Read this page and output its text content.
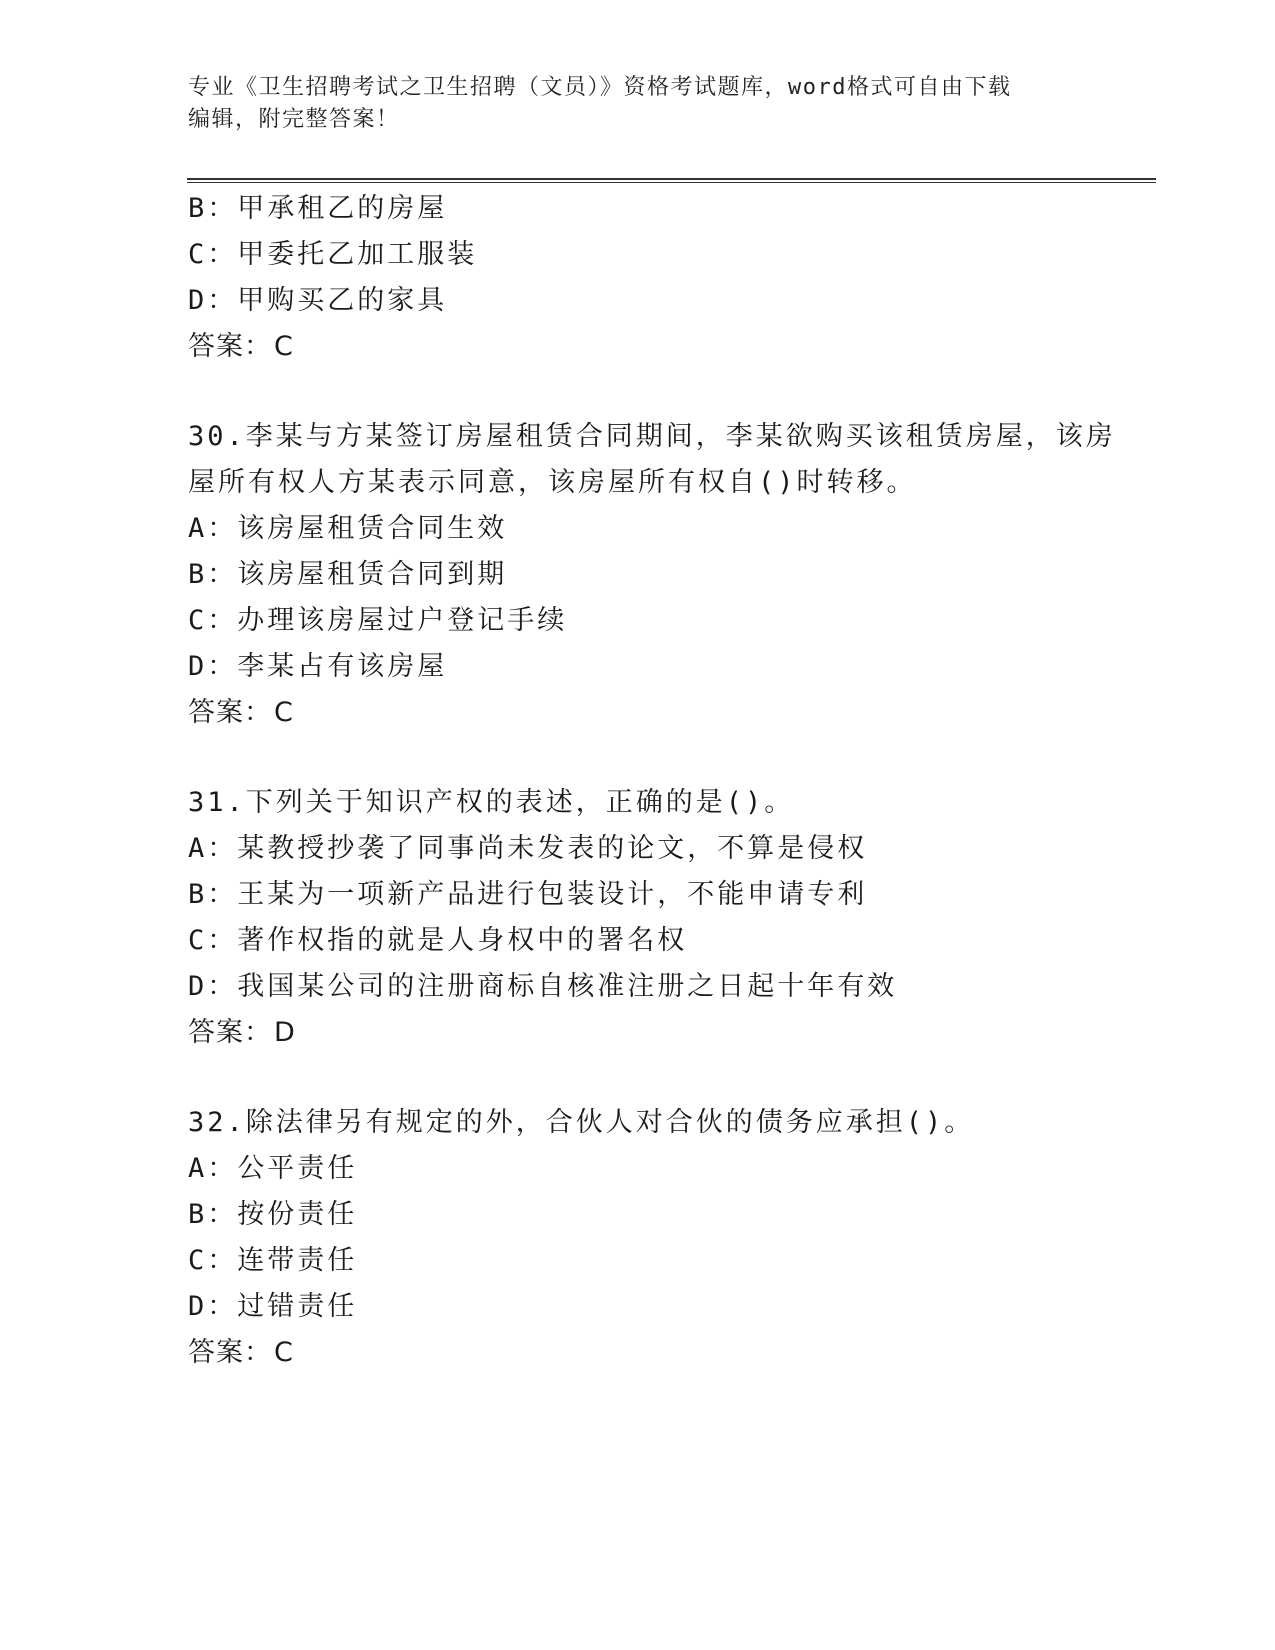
专业《卫生招聘考试之卫生招聘（文员）》资格考试题库，word格式可自由下载
编辑，附完整答案！
B：甲承租乙的房屋
C：甲委托乙加工服装
D：甲购买乙的家具
答案：C
30.李某与方某签订房屋租赁合同期间，李某欲购买该租赁房屋，该房
屋所有权人方某表示同意，该房屋所有权自()时转移。
A：该房屋租赁合同生效
B：该房屋租赁合同到期
C：办理该房屋过户登记手续
D：李某占有该房屋
答案：C
31.下列关于知识产权的表述，正确的是()。
A：某教授抄袭了同事尚未发表的论文，不算是侵权
B：王某为一项新产品进行包装设计，不能申请专利
C：著作权指的就是人身权中的署名权
D：我国某公司的注册商标自核准注册之日起十年有效
答案：D
32.除法律另有规定的外，合伙人对合伙的债务应承担()。
A：公平责任
B：按份责任
C：连带责任
D：过错责任
答案：C
